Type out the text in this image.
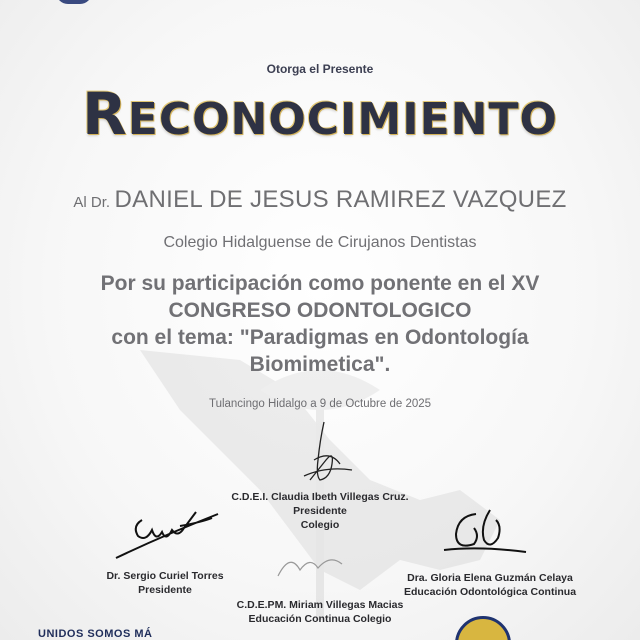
Otorga el Presente
RECONOCIMIENTO
Al Dr. DANIEL DE JESUS RAMIREZ VAZQUEZ
Colegio Hidalguense de Cirujanos Dentistas
Por su participación como ponente en el XV
CONGRESO ODONTOLOGICO
con el tema: "Paradigmas en Odontología
Biomimetica".
Tulancingo Hidalgo a 9 de Octubre de 2025
C.D.E.I. Claudia Ibeth Villegas Cruz.
Presidente
Colegio
Dr. Sergio Curiel Torres
Presidente
Dra. Gloria Elena Guzmán Celaya
Educación Odontológica Continua
C.D.E.PM. Miriam Villegas Macias
Educación Continua Colegio
UNIDOS SOMOS MÁ
